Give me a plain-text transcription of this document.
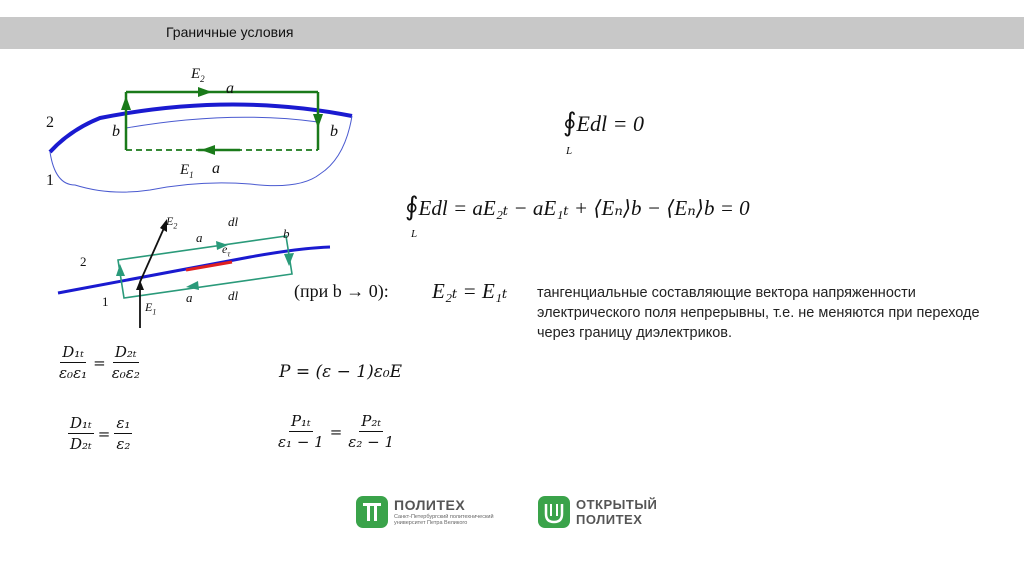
Граничные условия
$E_2$
a
$E_1$ a
b	b
2
1
$E_2$
a
dl
b
$e_\tau$
a	dl
2
1	$E_1$
∮Edl = 0
L
∮Edl = aE₂ₜ − aE₁ₜ + ⟨Eₙ⟩b − ⟨Eₙ⟩b = 0
L
(при b → 0): E₂ₜ = E₁ₜ тангенциальные составляющие вектора напряженности электрического поля непрерывны, т.е. не меняются при переходе через границу диэлектриков.
$\frac{\text{D₁ₜ}}{\text{ε₀ε₁}} = \frac{\text{D₂ₜ}}{\text{ε₀ε₂}}$
$\frac{\text{D₁ₜ}}{\text{D₂ₜ}} = \frac{\text{ε₁}}{\text{ε₂}}$
P = (ε − 1)ε₀E
$\frac{\text{P₁ₜ}}{\text{ε₁ − 1}} = \frac{\text{P₂ₜ}}{\text{ε₂ − 1}}$
ПОЛИТЕХ
Санкт-Петербургский политехнический университет Петра Великого
ОТКРЫТЫЙ
ПОЛИТЕХ
